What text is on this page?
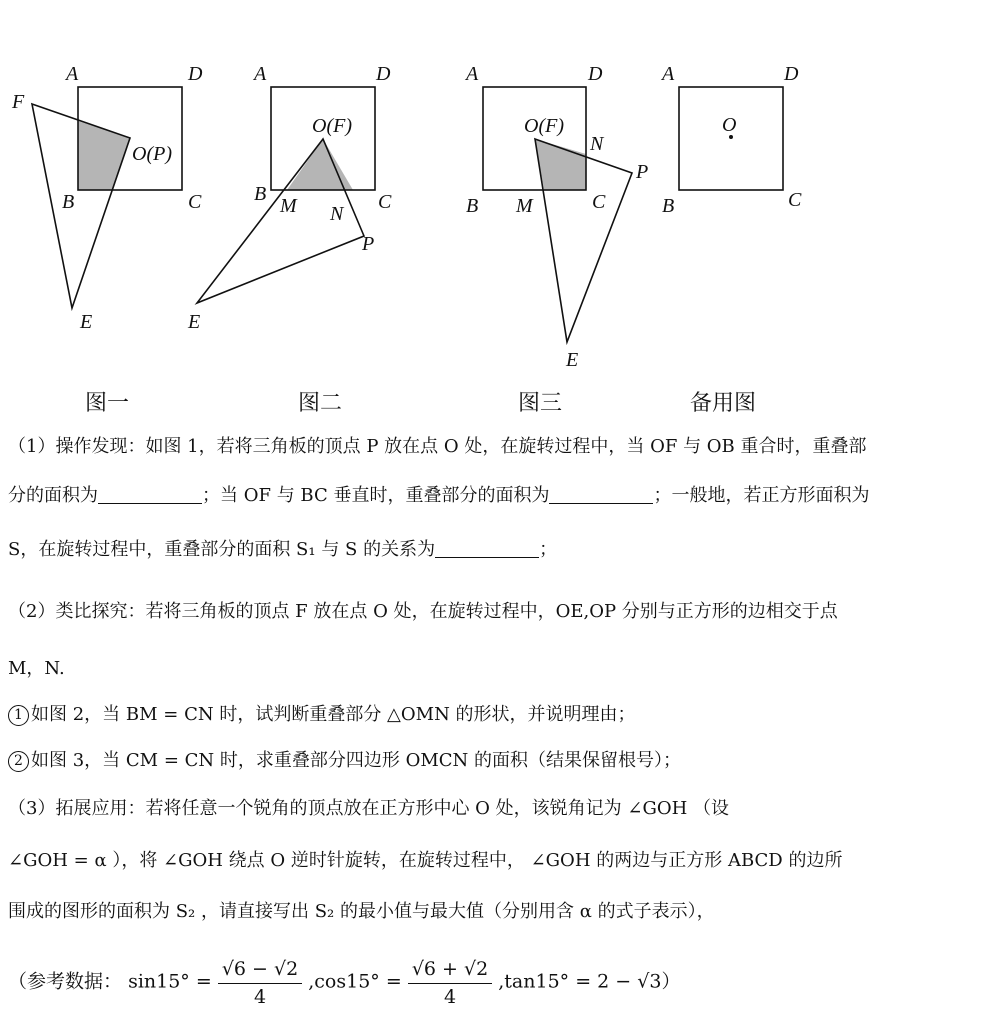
A	D
B	C
F
E
O(P)
A	D
B	C
O(F)
M N
P
E
A	D
B	C
O(F)
M
N
P
E
A	D
B	C
O
图一	图二	图三	备用图
（1）操作发现：如图 1，若将三角板的顶点 P 放在点 O 处，在旋转过程中，当 OF 与 OB 重合时，重叠部
分的面积为	；当 OF 与 BC 垂直时，重叠部分的面积为	；一般地，若正方形面积为
S，在旋转过程中，重叠部分的面积 S₁ 与 S 的关系为	；
（2）类比探究：若将三角板的顶点 F 放在点 O 处，在旋转过程中，OE,OP 分别与正方形的边相交于点
M，N.
1 如图 2，当 BM = CN 时，试判断重叠部分 △OMN 的形状，并说明理由；
2 如图 3，当 CM = CN 时，求重叠部分四边形 OMCN 的面积（结果保留根号）；
（3）拓展应用：若将任意一个锐角的顶点放在正方形中心 O 处，该锐角记为 ∠GOH （设
∠GOH = α ），将 ∠GOH 绕点 O 逆时针旋转，在旋转过程中， ∠GOH 的两边与正方形 ABCD 的边所
围成的图形的面积为 S₂ ，请直接写出 S₂ 的最小值与最大值（分别用含 α 的式子表示），
（参考数据： $\sin 15^\circ = \frac{√6 - √2}{4} ,\cos 15^\circ = \frac{√6 + √2}{4} ,\tan 15^\circ = 2 - √3$）
